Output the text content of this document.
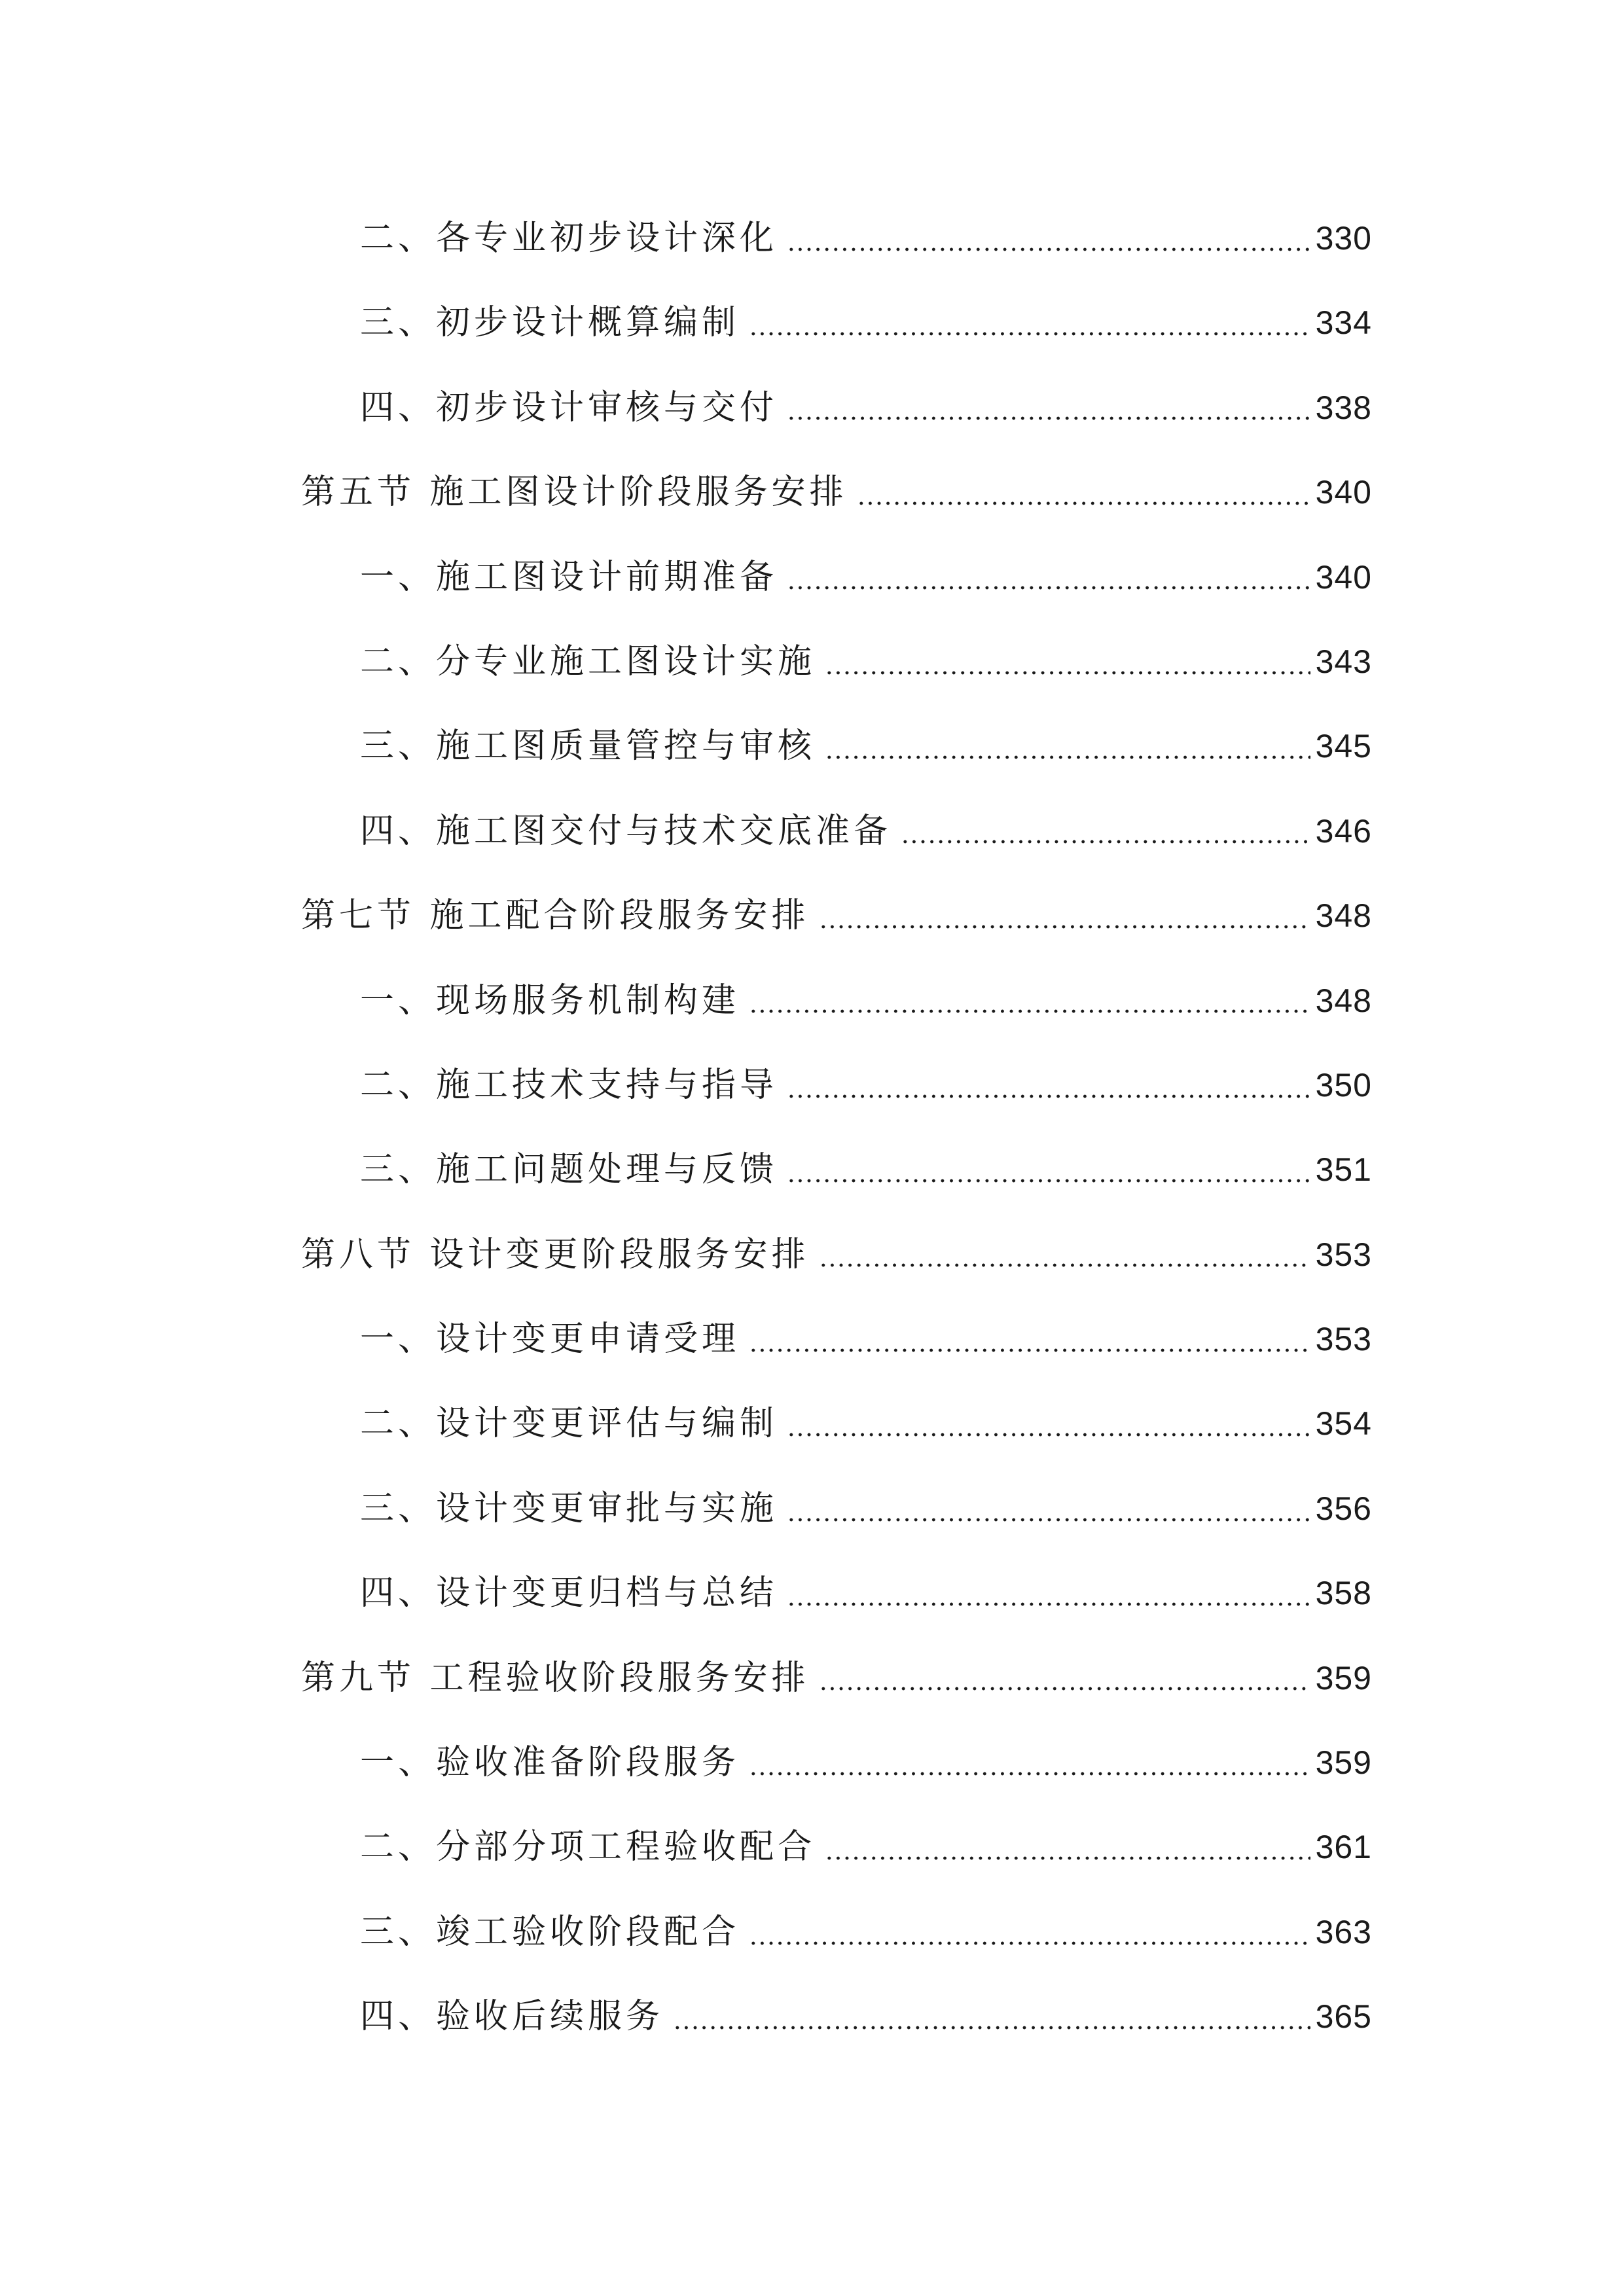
二、各专业初步设计深化	330
三、初步设计概算编制	334
四、初步设计审核与交付	338
第五节 施工图设计阶段服务安排	340
一、施工图设计前期准备	340
二、分专业施工图设计实施	343
三、施工图质量管控与审核	345
四、施工图交付与技术交底准备	346
第七节 施工配合阶段服务安排	348
一、现场服务机制构建	348
二、施工技术支持与指导	350
三、施工问题处理与反馈	351
第八节 设计变更阶段服务安排	353
一、设计变更申请受理	353
二、设计变更评估与编制	354
三、设计变更审批与实施	356
四、设计变更归档与总结	358
第九节 工程验收阶段服务安排	359
一、验收准备阶段服务	359
二、分部分项工程验收配合	361
三、竣工验收阶段配合	363
四、验收后续服务	365
